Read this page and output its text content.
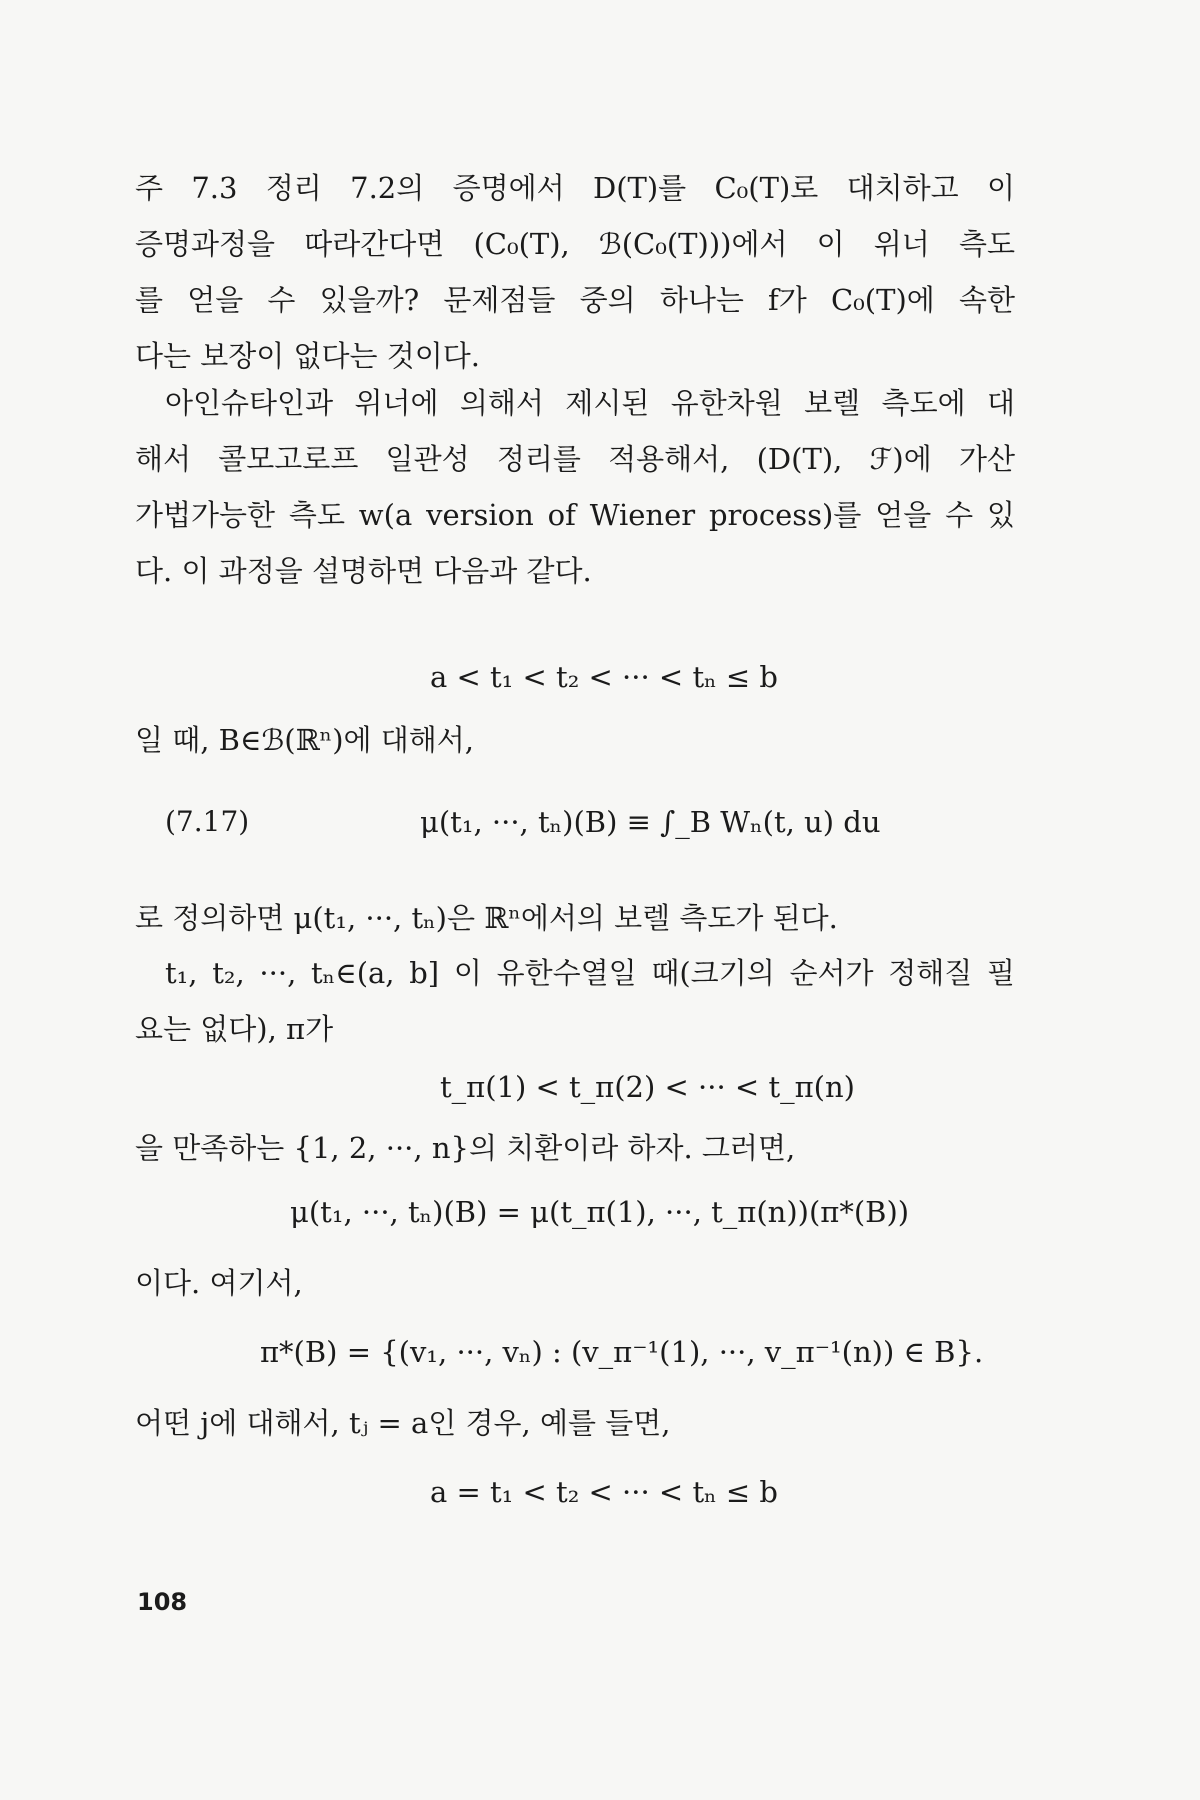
주 7.3 정리 7.2의 증명에서 D(T)를 C₀(T)로 대치하고 이
증명과정을 따라간다면 (C₀(T), ℬ(C₀(T)))에서 이 위너 측도
를 얻을 수 있을까? 문제점들 중의 하나는 f가 C₀(T)에 속한
다는 보장이 없다는 것이다.
아인슈타인과 위너에 의해서 제시된 유한차원 보렐 측도에 대
해서 콜모고로프 일관성 정리를 적용해서, (D(T), ℱ)에 가산
가법가능한 측도 w(a version of Wiener process)를 얻을 수 있
다. 이 과정을 설명하면 다음과 같다.
a < t₁ < t₂ < ··· < tₙ ≤ b
일 때, B∈ℬ(ℝⁿ)에 대해서,
(7.17)	μ(t₁, ···, tₙ)(B) ≡ ∫_B Wₙ(t, u) du
로 정의하면 μ(t₁, ···, tₙ)은 ℝⁿ에서의 보렐 측도가 된다.
t₁, t₂, ···, tₙ∈(a, b] 이 유한수열일 때(크기의 순서가 정해질 필
요는 없다), π가
t_π(1) < t_π(2) < ··· < t_π(n)
을 만족하는 {1, 2, ···, n}의 치환이라 하자. 그러면,
μ(t₁, ···, tₙ)(B) = μ(t_π(1), ···, t_π(n))(π*(B))
이다. 여기서,
π*(B) = {(v₁, ···, vₙ) : (v_π⁻¹(1), ···, v_π⁻¹(n)) ∈ B}.
어떤 j에 대해서, tⱼ = a인 경우, 예를 들면,
a = t₁ < t₂ < ··· < tₙ ≤ b
108
